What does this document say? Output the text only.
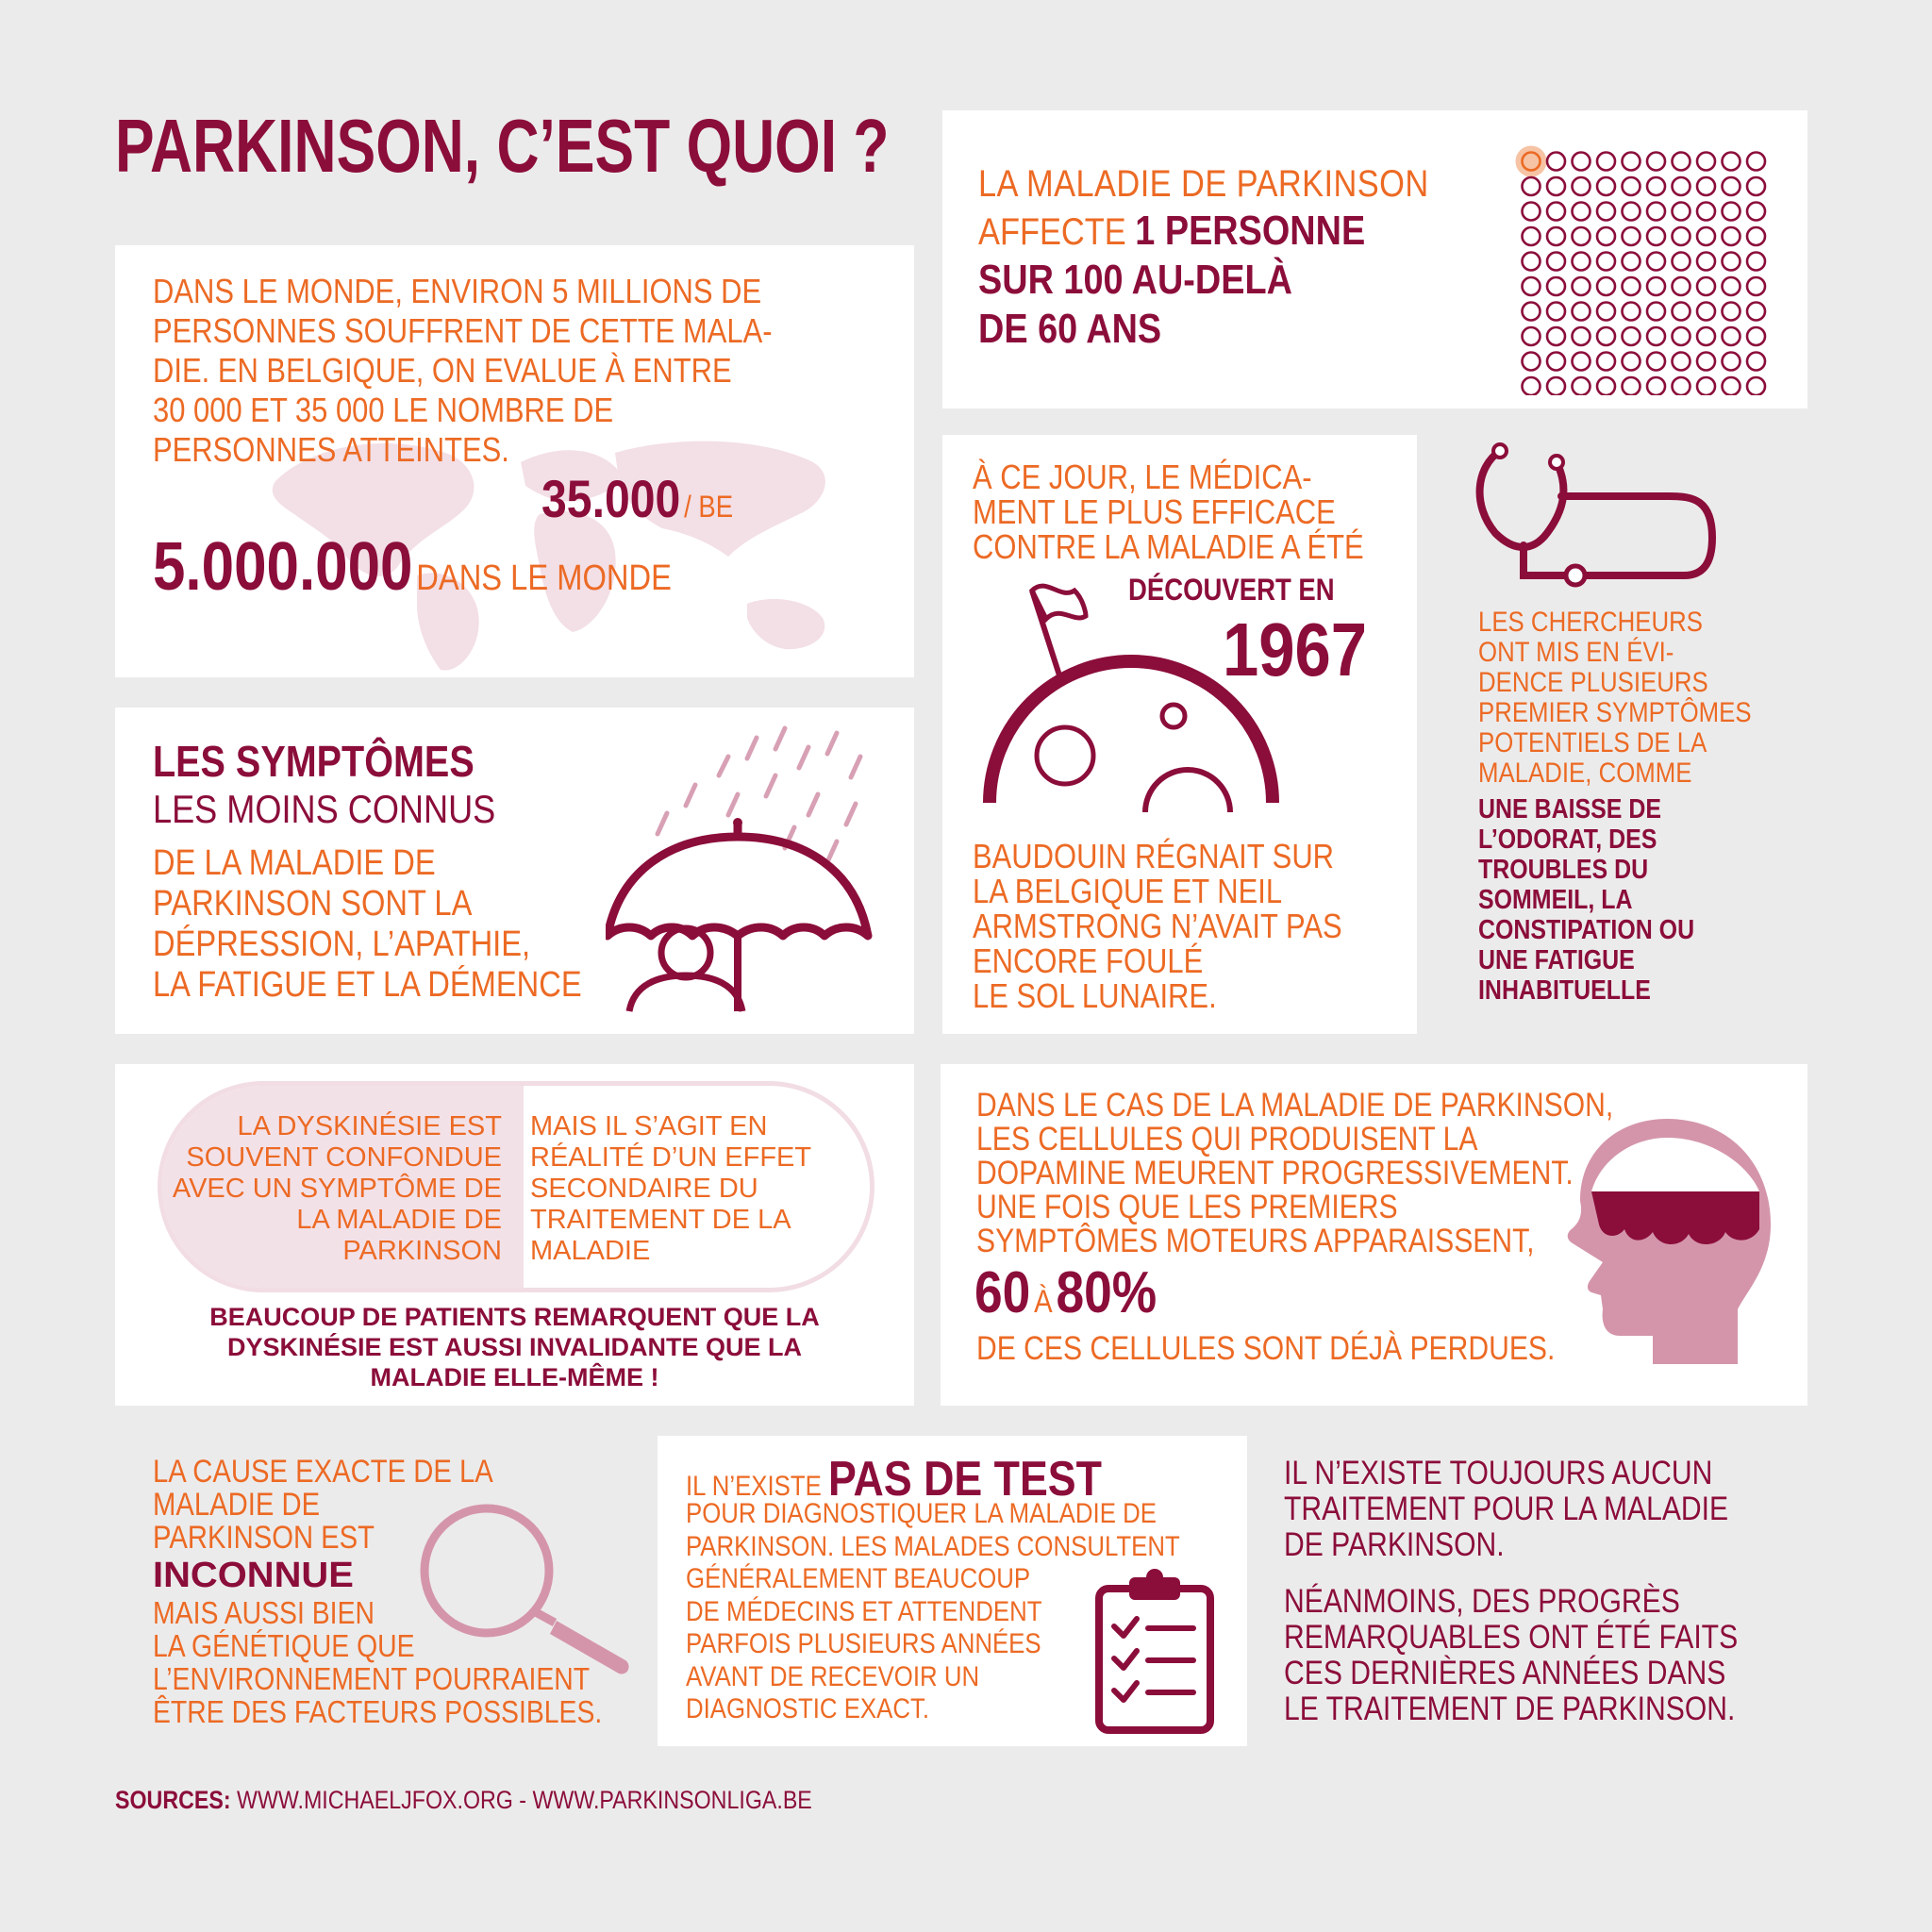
PARKINSON, C’EST QUOI ? LA MALADIE DE PARKINSON
AFFECTE 1 PERSONNE
SUR 100 AU-DELÀ
DE 60 ANS
DANS LE MONDE, ENVIRON 5 MILLIONS DE
PERSONNES SOUFFRENT DE CETTE MALA-
DIE. EN BELGIQUE, ON EVALUE À ENTRE
30 000 ET 35 000 LE NOMBRE DE
PERSONNES ATTEINTES.
35.000 / BE
5.000.000 DANS LE MONDE
À CE JOUR, LE MÉDICA-
MENT LE PLUS EFFICACE
CONTRE LA MALADIE A ÉTÉ
DÉCOUVERT EN
1967
BAUDOUIN RÉGNAIT SUR
LA BELGIQUE ET NEIL
ARMSTRONG N’AVAIT PAS
ENCORE FOULÉ
LE SOL LUNAIRE.
LES CHERCHEURS
ONT MIS EN ÉVI-
DENCE PLUSIEURS
PREMIER SYMPTÔMES
POTENTIELS DE LA
MALADIE, COMME
UNE BAISSE DE
L’ODORAT, DES
TROUBLES DU
SOMMEIL, LA
CONSTIPATION OU
UNE FATIGUE
INHABITUELLE
LES SYMPTÔMES
LES MOINS CONNUS
DE LA MALADIE DE
PARKINSON SONT LA
DÉPRESSION, L’APATHIE,
LA FATIGUE ET LA DÉMENCE
LA DYSKINÉSIE EST
SOUVENT CONFONDUE
AVEC UN SYMPTÔME DE
LA MALADIE DE
PARKINSON
MAIS IL S’AGIT EN
RÉALITÉ D’UN EFFET
SECONDAIRE DU
TRAITEMENT DE LA
MALADIE
BEAUCOUP DE PATIENTS REMARQUENT QUE LA
DYSKINÉSIE EST AUSSI INVALIDANTE QUE LA
MALADIE ELLE-MÊME !
DANS LE CAS DE LA MALADIE DE PARKINSON,
LES CELLULES QUI PRODUISENT LA
DOPAMINE MEURENT PROGRESSIVEMENT.
UNE FOIS QUE LES PREMIERS
SYMPTÔMES MOTEURS APPARAISSENT,
60 À 80%
DE CES CELLULES SONT DÉJÀ PERDUES.
LA CAUSE EXACTE DE LA
MALADIE DE
PARKINSON EST
INCONNUE
MAIS AUSSI BIEN
LA GÉNÉTIQUE QUE
L’ENVIRONNEMENT POURRAIENT
ÊTRE DES FACTEURS POSSIBLES.
IL N’EXISTE PAS DE TEST
POUR DIAGNOSTIQUER LA MALADIE DE
PARKINSON. LES MALADES CONSULTENT
GÉNÉRALEMENT BEAUCOUP
DE MÉDECINS ET ATTENDENT
PARFOIS PLUSIEURS ANNÉES
AVANT DE RECEVOIR UN
DIAGNOSTIC EXACT.
IL N’EXISTE TOUJOURS AUCUN
TRAITEMENT POUR LA MALADIE
DE PARKINSON.
NÉANMOINS, DES PROGRÈS
REMARQUABLES ONT ÉTÉ FAITS
CES DERNIÈRES ANNÉES DANS
LE TRAITEMENT DE PARKINSON.
SOURCES: WWW.MICHAELJFOX.ORG - WWW.PARKINSONLIGA.BE
